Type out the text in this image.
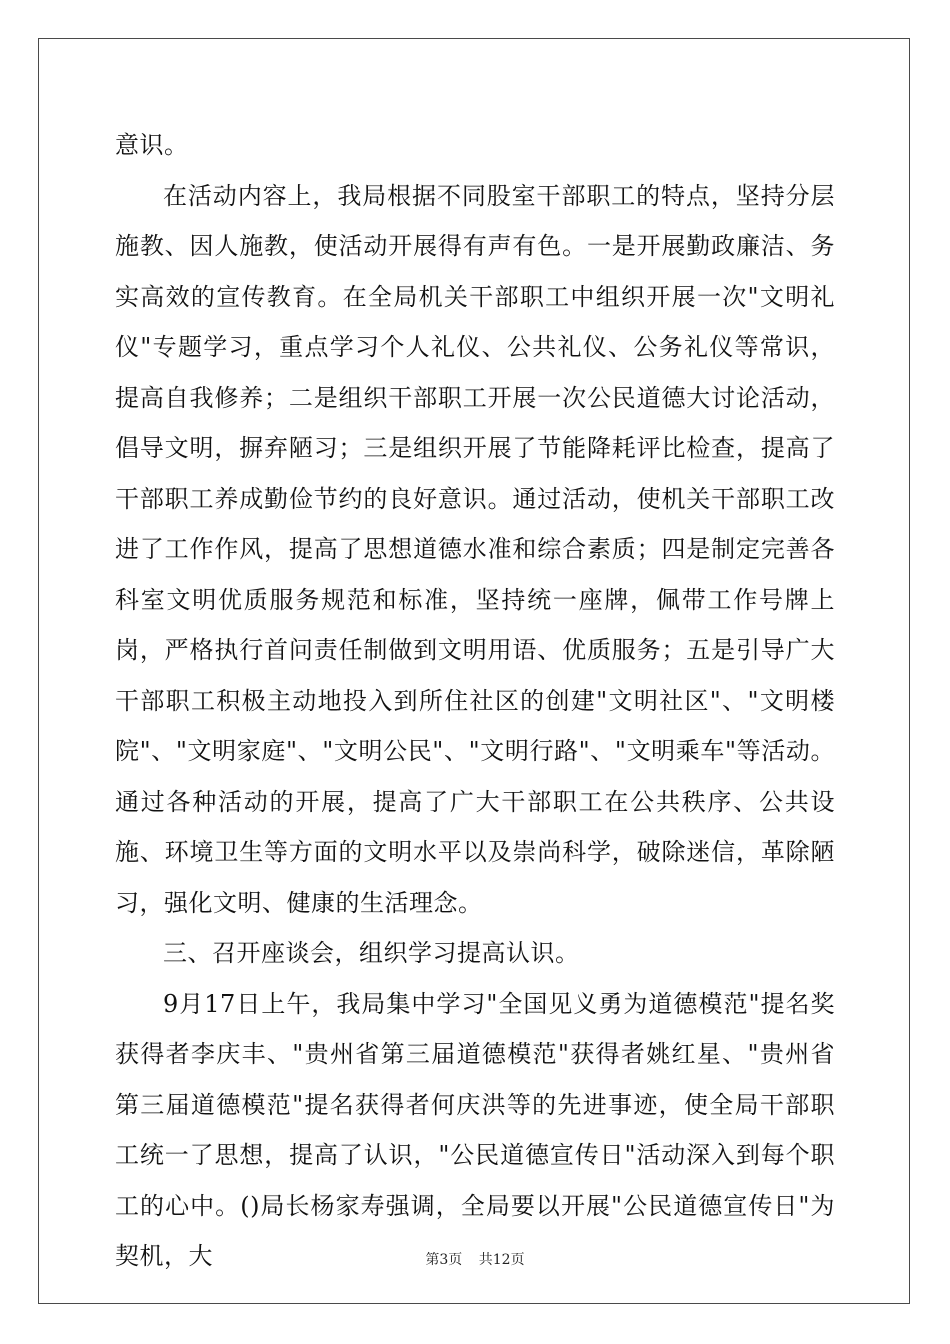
意识。

在活动内容上，我局根据不同股室干部职工的特点，坚持分层施教、因人施教，使活动开展得有声有色。一是开展勤政廉洁、务实高效的宣传教育。在全局机关干部职工中组织开展一次"文明礼仪"专题学习，重点学习个人礼仪、公共礼仪、公务礼仪等常识，提高自我修养；二是组织干部职工开展一次公民道德大讨论活动，倡导文明，摒弃陋习；三是组织开展了节能降耗评比检查，提高了干部职工养成勤俭节约的良好意识。通过活动，使机关干部职工改进了工作作风，提高了思想道德水准和综合素质；四是制定完善各科室文明优质服务规范和标准，坚持统一座牌，佩带工作号牌上岗，严格执行首问责任制做到文明用语、优质服务；五是引导广大干部职工积极主动地投入到所住社区的创建"文明社区"、"文明楼院"、"文明家庭"、"文明公民"、"文明行路"、"文明乘车"等活动。通过各种活动的开展，提高了广大干部职工在公共秩序、公共设施、环境卫生等方面的文明水平以及崇尚科学，破除迷信，革除陋习，强化文明、健康的生活理念。

三、召开座谈会，组织学习提高认识。

9月17日上午，我局集中学习"全国见义勇为道德模范"提名奖获得者李庆丰、"贵州省第三届道德模范"获得者姚红星、"贵州省第三届道德模范"提名获得者何庆洪等的先进事迹，使全局干部职工统一了思想，提高了认识，"公民道德宣传日"活动深入到每个职工的心中。()局长杨家寿强调，全局要以开展"公民道德宣传日"为契机，大	第3页 共12页
